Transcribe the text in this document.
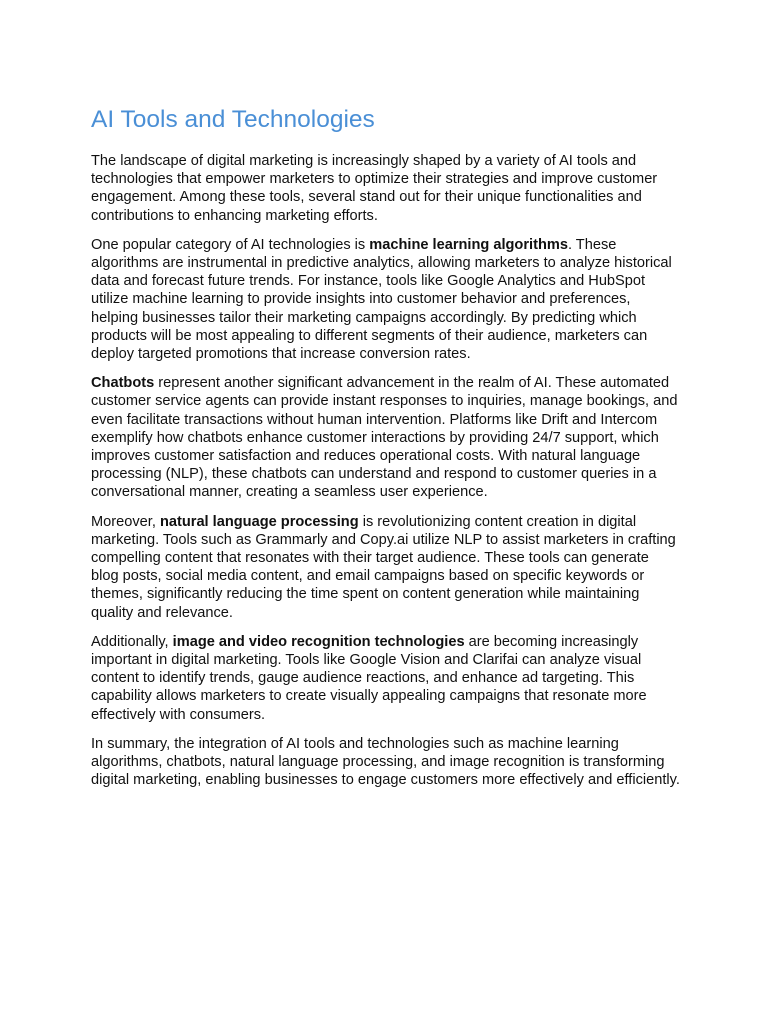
AI Tools and Technologies

The landscape of digital marketing is increasingly shaped by a variety of AI tools and technologies that empower marketers to optimize their strategies and improve customer engagement. Among these tools, several stand out for their unique functionalities and contributions to enhancing marketing efforts.

One popular category of AI technologies is machine learning algorithms. These algorithms are instrumental in predictive analytics, allowing marketers to analyze historical data and forecast future trends. For instance, tools like Google Analytics and HubSpot utilize machine learning to provide insights into customer behavior and preferences, helping businesses tailor their marketing campaigns accordingly. By predicting which products will be most appealing to different segments of their audience, marketers can deploy targeted promotions that increase conversion rates.

Chatbots represent another significant advancement in the realm of AI. These automated customer service agents can provide instant responses to inquiries, manage bookings, and even facilitate transactions without human intervention. Platforms like Drift and Intercom exemplify how chatbots enhance customer interactions by providing 24/7 support, which improves customer satisfaction and reduces operational costs. With natural language processing (NLP), these chatbots can understand and respond to customer queries in a conversational manner, creating a seamless user experience.

Moreover, natural language processing is revolutionizing content creation in digital marketing. Tools such as Grammarly and Copy.ai utilize NLP to assist marketers in crafting compelling content that resonates with their target audience. These tools can generate blog posts, social media content, and email campaigns based on specific keywords or themes, significantly reducing the time spent on content generation while maintaining quality and relevance.

Additionally, image and video recognition technologies are becoming increasingly important in digital marketing. Tools like Google Vision and Clarifai can analyze visual content to identify trends, gauge audience reactions, and enhance ad targeting. This capability allows marketers to create visually appealing campaigns that resonate more effectively with consumers.

In summary, the integration of AI tools and technologies such as machine learning algorithms, chatbots, natural language processing, and image recognition is transforming digital marketing, enabling businesses to engage customers more effectively and efficiently.
